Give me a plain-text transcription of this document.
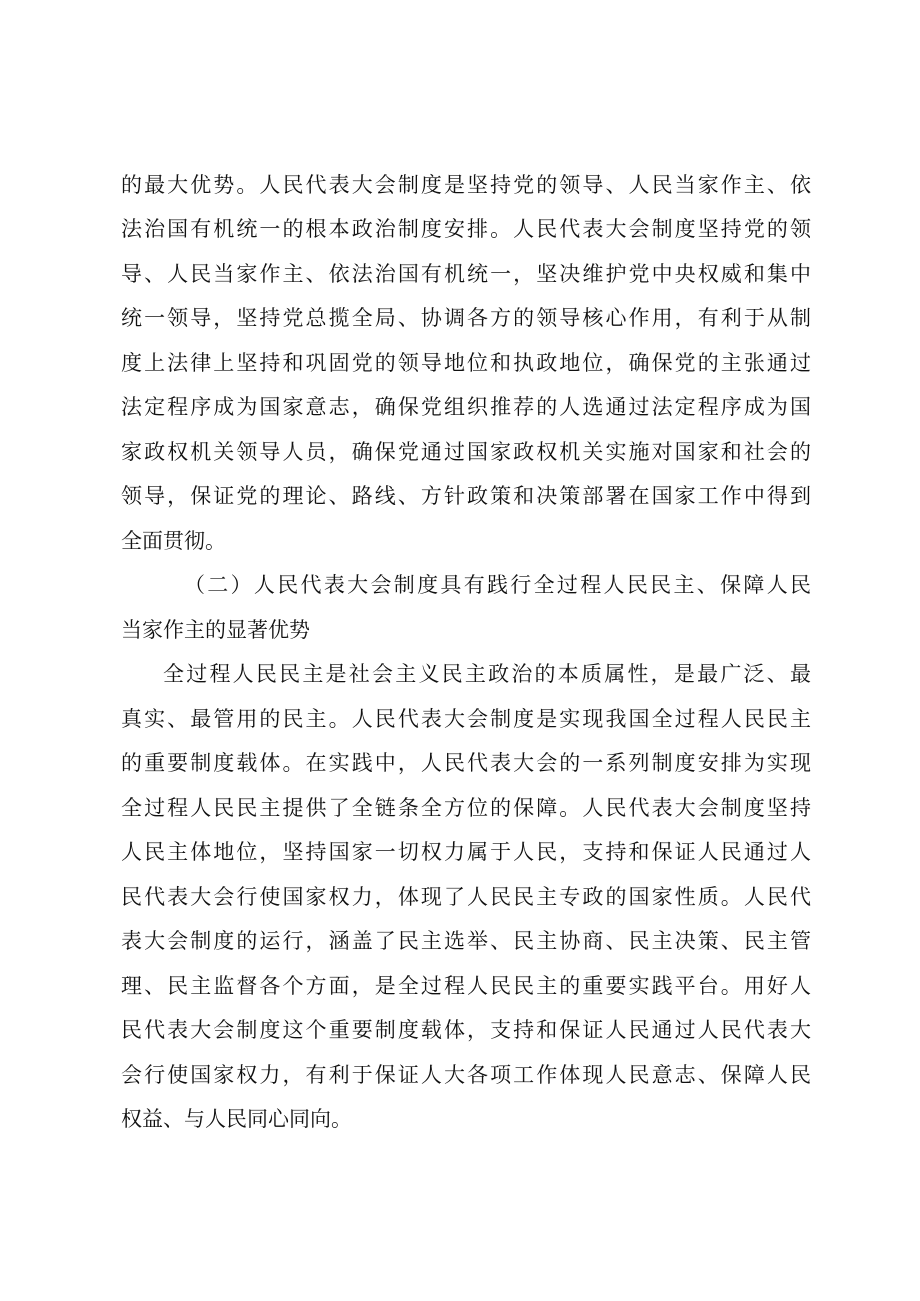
的最大优势。人民代表大会制度是坚持党的领导、人民当家作主、依
法治国有机统一的根本政治制度安排。人民代表大会制度坚持党的领
导、人民当家作主、依法治国有机统一，坚决维护党中央权威和集中
统一领导，坚持党总揽全局、协调各方的领导核心作用，有利于从制
度上法律上坚持和巩固党的领导地位和执政地位，确保党的主张通过
法定程序成为国家意志，确保党组织推荐的人选通过法定程序成为国
家政权机关领导人员，确保党通过国家政权机关实施对国家和社会的
领导，保证党的理论、路线、方针政策和决策部署在国家工作中得到
全面贯彻。
（二）人民代表大会制度具有践行全过程人民民主、保障人民
当家作主的显著优势
全过程人民民主是社会主义民主政治的本质属性，是最广泛、最
真实、最管用的民主。人民代表大会制度是实现我国全过程人民民主
的重要制度载体。在实践中，人民代表大会的一系列制度安排为实现
全过程人民民主提供了全链条全方位的保障。人民代表大会制度坚持
人民主体地位，坚持国家一切权力属于人民，支持和保证人民通过人
民代表大会行使国家权力，体现了人民民主专政的国家性质。人民代
表大会制度的运行，涵盖了民主选举、民主协商、民主决策、民主管
理、民主监督各个方面，是全过程人民民主的重要实践平台。用好人
民代表大会制度这个重要制度载体，支持和保证人民通过人民代表大
会行使国家权力，有利于保证人大各项工作体现人民意志、保障人民
权益、与人民同心同向。
